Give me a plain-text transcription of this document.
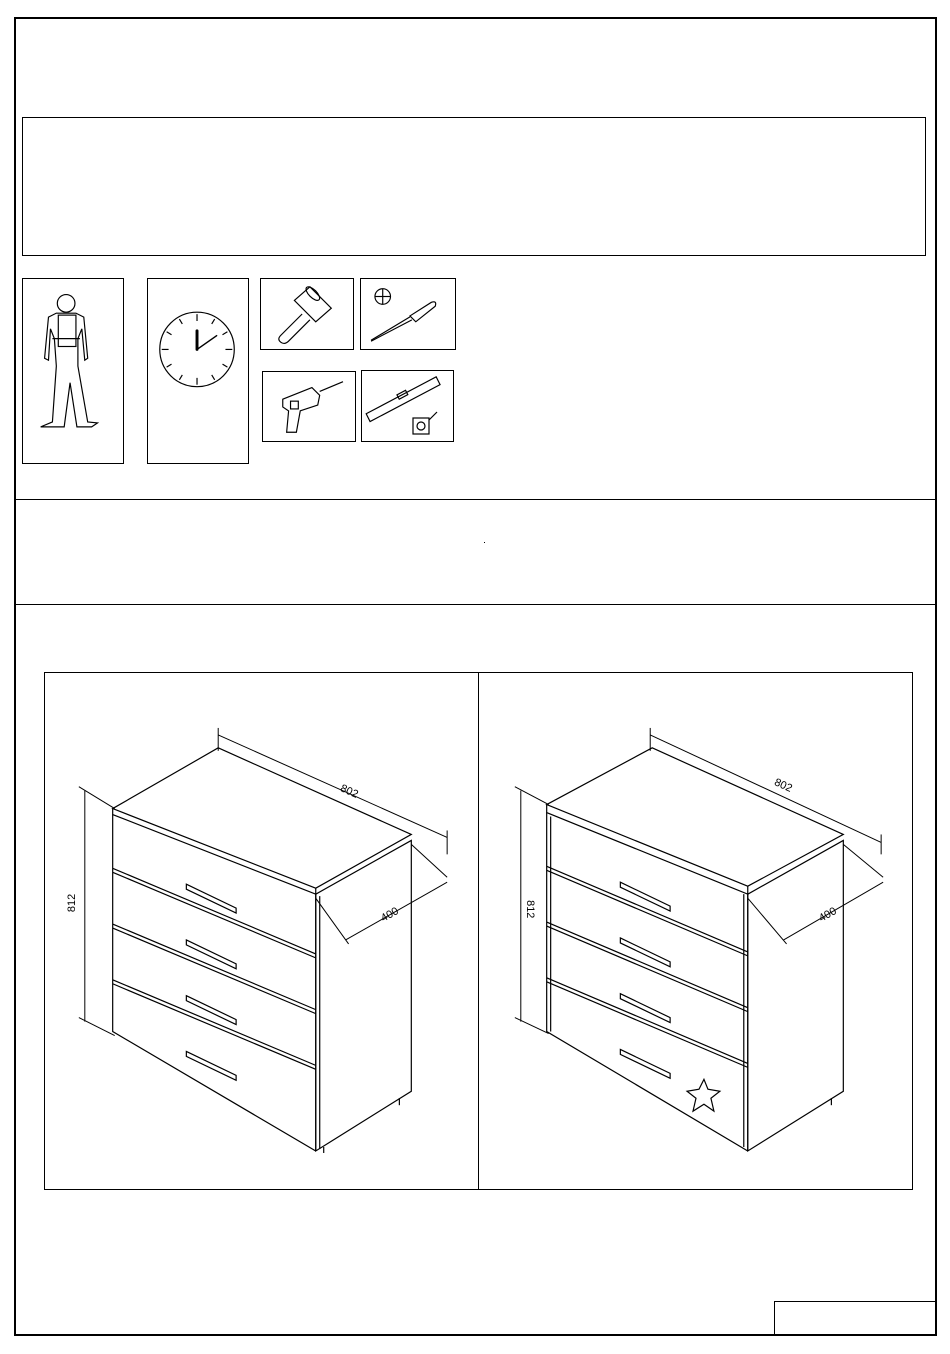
802
400
812
802
400
812
